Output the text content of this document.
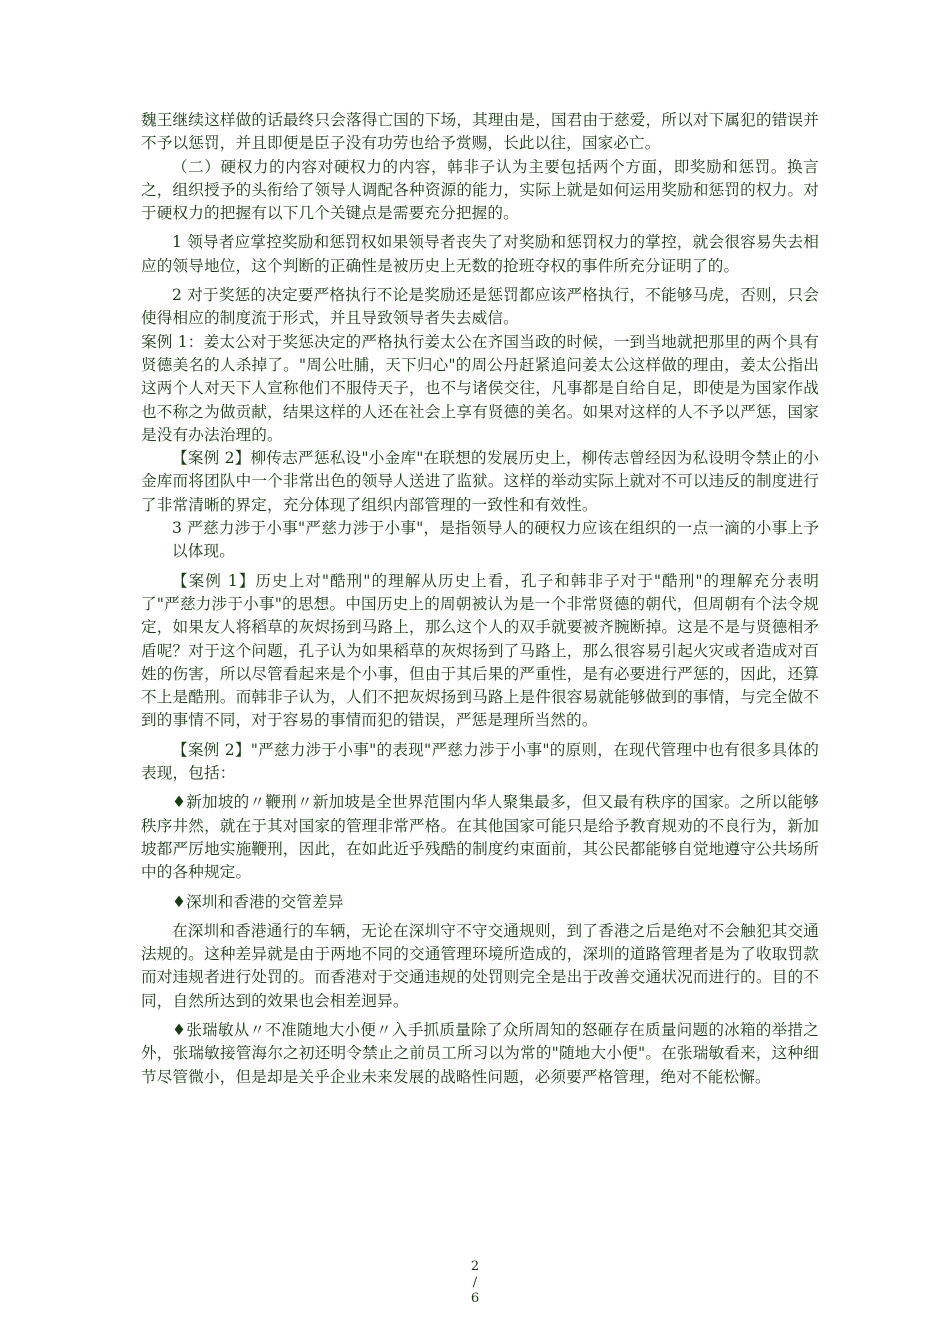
魏王继续这样做的话最终只会落得亡国的下场，其理由是，国君由于慈爱，所以对下属犯的错误并不予以惩罚，并且即便是臣子没有功劳也给予赏赐，长此以往，国家必亡。

（二）硬权力的内容对硬权力的内容，韩非子认为主要包括两个方面，即奖励和惩罚。换言之，组织授予的头衔给了领导人调配各种资源的能力，实际上就是如何运用奖励和惩罚的权力。对于硬权力的把握有以下几个关键点是需要充分把握的。

1 领导者应掌控奖励和惩罚权如果领导者丧失了对奖励和惩罚权力的掌控，就会很容易失去相应的领导地位，这个判断的正确性是被历史上无数的抢班夺权的事件所充分证明了的。

2 对于奖惩的决定要严格执行不论是奖励还是惩罚都应该严格执行，不能够马虎，否则，只会使得相应的制度流于形式，并且导致领导者失去威信。

案例 1：姜太公对于奖惩决定的严格执行姜太公在齐国当政的时候，一到当地就把那里的两个具有贤德美名的人杀掉了。"周公吐脯，天下归心"的周公丹赶紧追问姜太公这样做的理由，姜太公指出这两个人对天下人宣称他们不服侍天子，也不与诸侯交往，凡事都是自给自足，即使是为国家作战也不称之为做贡献，结果这样的人还在社会上享有贤德的美名。如果对这样的人不予以严惩，国家是没有办法治理的。

【案例 2】柳传志严惩私设"小金库"在联想的发展历史上，柳传志曾经因为私设明令禁止的小金库而将团队中一个非常出色的领导人送进了监狱。这样的举动实际上就对不可以违反的制度进行了非常清晰的界定，充分体现了组织内部管理的一致性和有效性。

3 严慈力涉于小事"严慈力涉于小事"，是指领导人的硬权力应该在组织的一点一滴的小事上予以体现。

【案例 1】历史上对"酷刑"的理解从历史上看，孔子和韩非子对于"酷刑"的理解充分表明了"严慈力涉于小事"的思想。中国历史上的周朝被认为是一个非常贤德的朝代，但周朝有个法令规定，如果友人将稻草的灰烬扬到马路上，那么这个人的双手就要被齐腕断掉。这是不是与贤德相矛盾呢？对于这个问题，孔子认为如果稻草的灰烬扬到了马路上，那么很容易引起火灾或者造成对百姓的伤害，所以尽管看起来是个小事，但由于其后果的严重性，是有必要进行严惩的，因此，还算不上是酷刑。而韩非子认为，人们不把灰烬扬到马路上是件很容易就能够做到的事情，与完全做不到的事情不同，对于容易的事情而犯的错误，严惩是理所当然的。

【案例 2】"严慈力涉于小事"的表现"严慈力涉于小事"的原则，在现代管理中也有很多具体的表现，包括：

♦新加坡的〃鞭刑〃新加坡是全世界范围内华人聚集最多，但又最有秩序的国家。之所以能够秩序井然，就在于其对国家的管理非常严格。在其他国家可能只是给予教育规劝的不良行为，新加坡都严厉地实施鞭刑，因此，在如此近乎残酷的制度约束面前，其公民都能够自觉地遵守公共场所中的各种规定。

♦深圳和香港的交管差异

在深圳和香港通行的车辆，无论在深圳守不守交通规则，到了香港之后是绝对不会触犯其交通法规的。这种差异就是由于两地不同的交通管理环境所造成的，深圳的道路管理者是为了收取罚款而对违规者进行处罚的。而香港对于交通违规的处罚则完全是出于改善交通状况而进行的。目的不同，自然所达到的效果也会相差迥异。

♦张瑞敏从〃不准随地大小便〃入手抓质量除了众所周知的怒砸存在质量问题的冰箱的举措之外，张瑞敏接管海尔之初还明令禁止之前员工所习以为常的"随地大小便"。在张瑞敏看来，这种细节尽管微小，但是却是关乎企业未来发展的战略性问题，必须要严格管理，绝对不能松懈。

2
/
6
